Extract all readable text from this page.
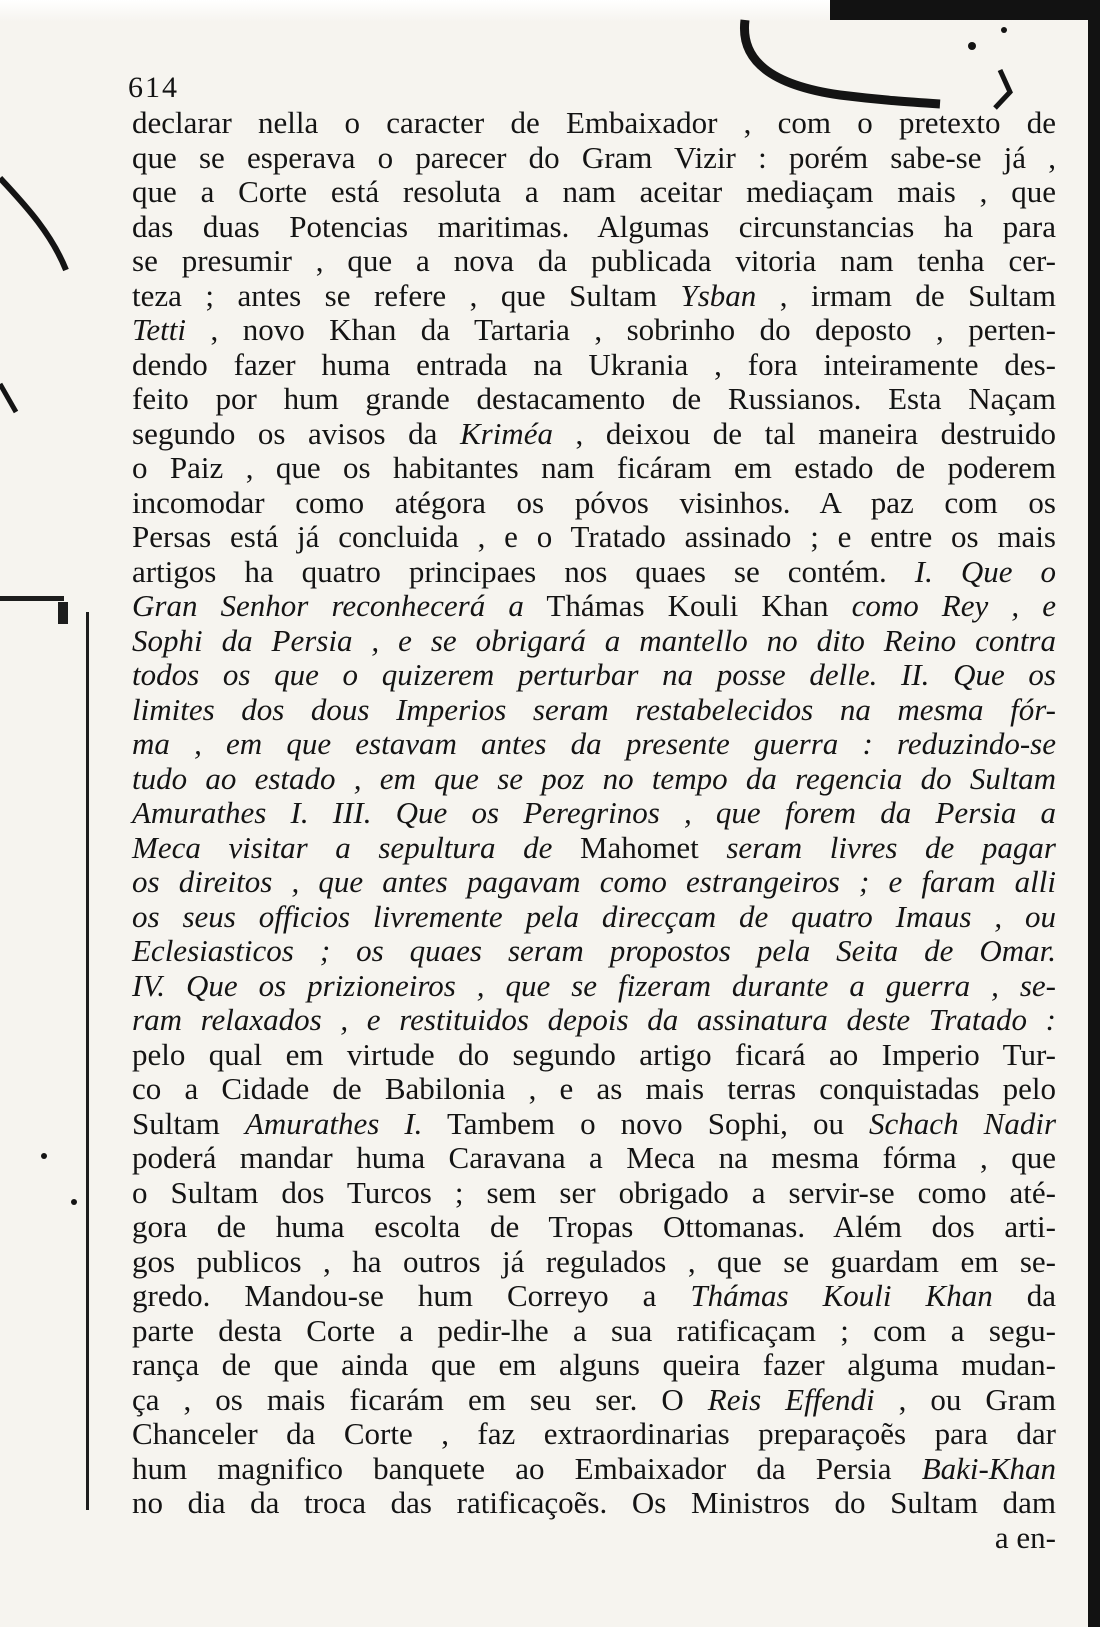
614
declarar nella o caracter de Embaixador , com o pretexto de
que se esperava o parecer do Gram Vizir : porém sabe-se já ,
que a Corte está resoluta a nam aceitar mediaçam mais , que
das duas Potencias maritimas. Algumas circunstancias ha para
se presumir , que a nova da publicada vitoria nam tenha cer-
teza ; antes se refere , que Sultam Ysban , irmam de Sultam
Tetti , novo Khan da Tartaria , sobrinho do deposto , perten-
dendo fazer huma entrada na Ukrania , fora inteiramente des-
feito por hum grande destacamento de Russianos. Esta Naçam
segundo os avisos da Kriméa , deixou de tal maneira destruido
o Paiz , que os habitantes nam ficáram em estado de poderem
incomodar como atégora os póvos visinhos. A paz com os
Persas está já concluida , e o Tratado assinado ; e entre os mais
artigos ha quatro principaes nos quaes se contém. I. Que o
Gran Senhor reconhecerá a Thámas Kouli Khan como Rey , e
Sophi da Persia , e se obrigará a mantello no dito Reino contra
todos os que o quizerem perturbar na posse delle. II. Que os
limites dos dous Imperios seram restabelecidos na mesma fór-
ma , em que estavam antes da presente guerra : reduzindo-se
tudo ao estado , em que se poz no tempo da regencia do Sultam
Amurathes I. III. Que os Peregrinos , que forem da Persia a
Meca visitar a sepultura de Mahomet seram livres de pagar
os direitos , que antes pagavam como estrangeiros ; e faram alli
os seus officios livremente pela direcçam de quatro Imaus , ou
Eclesiasticos ; os quaes seram propostos pela Seita de Omar.
IV. Que os prizioneiros , que se fizeram durante a guerra , se-
ram relaxados , e restituidos depois da assinatura deste Tratado :
pelo qual em virtude do segundo artigo ficará ao Imperio Tur-
co a Cidade de Babilonia , e as mais terras conquistadas pelo
Sultam Amurathes I. Tambem o novo Sophi, ou Schach Nadir
poderá mandar huma Caravana a Meca na mesma fórma , que
o Sultam dos Turcos ; sem ser obrigado a servir-se como até-
gora de huma escolta de Tropas Ottomanas. Além dos arti-
gos publicos , ha outros já regulados , que se guardam em se-
gredo. Mandou-se hum Correyo a Thámas Kouli Khan da
parte desta Corte a pedir-lhe a sua ratificaçam ; com a segu-
rança de que ainda que em alguns queira fazer alguma mudan-
ça , os mais ficarám em seu ser. O Reis Effendi , ou Gram
Chanceler da Corte , faz extraordinarias preparaçoẽs para dar
hum magnifico banquete ao Embaixador da Persia Baki-Khan
no dia da troca das ratificaçoẽs. Os Ministros do Sultam dam
a en-
